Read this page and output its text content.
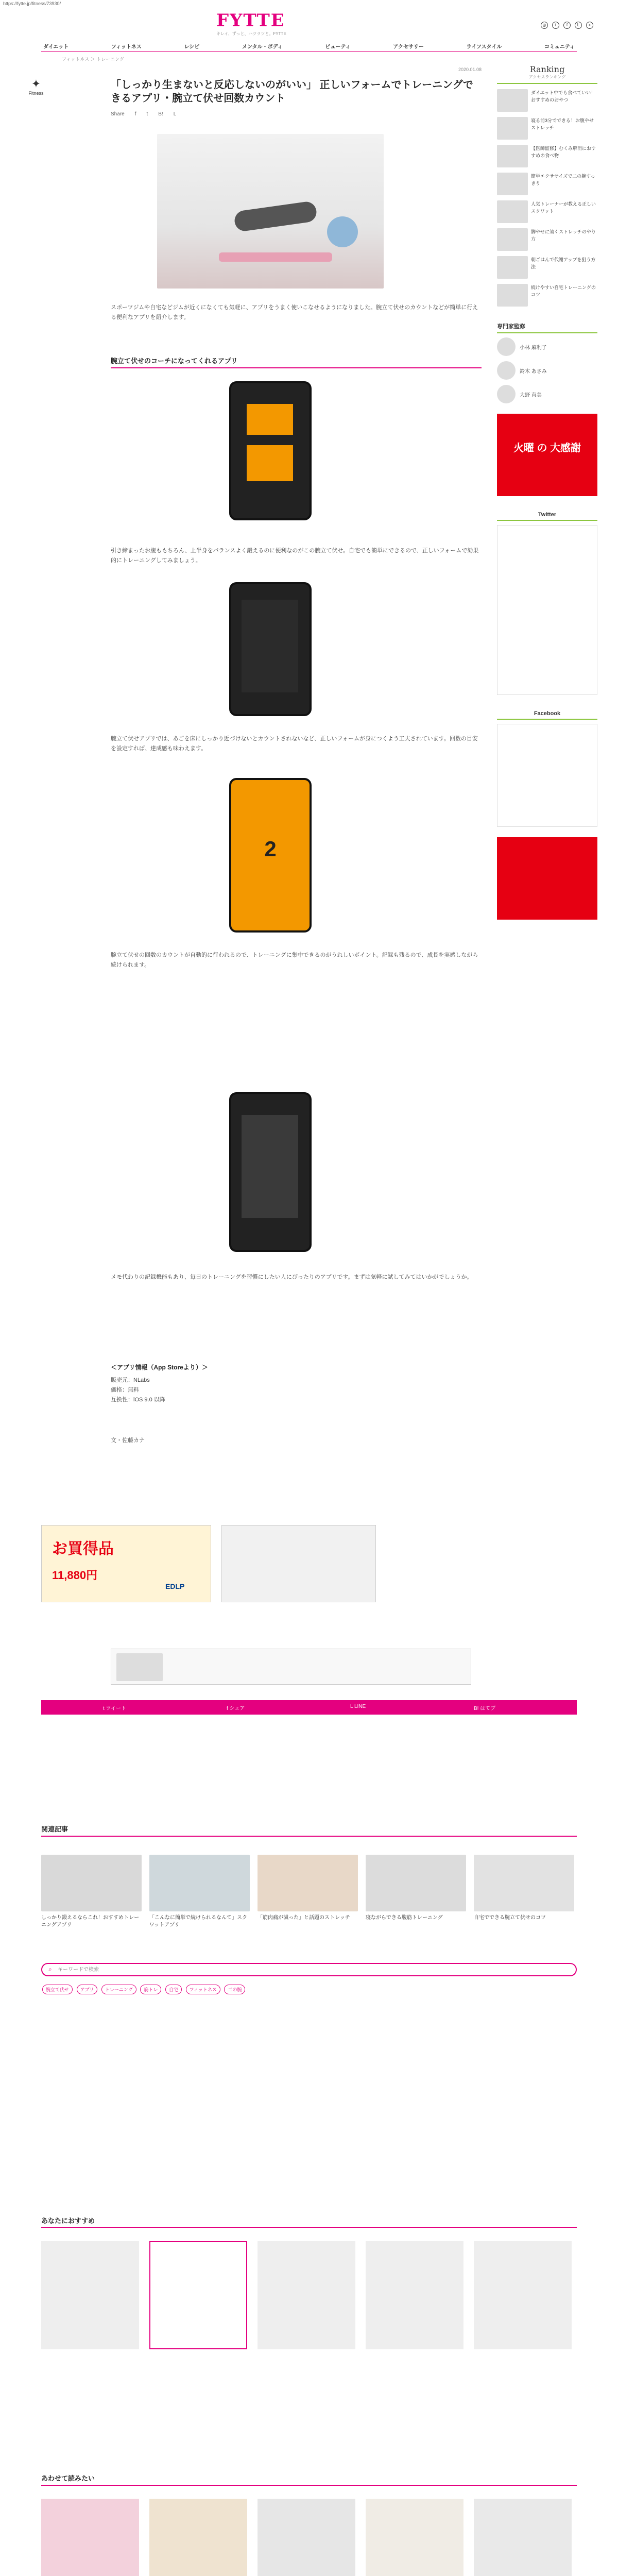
https://fytte.jp/fitness/73930/
FYTTE
キレイ、ずっと、ハツラツと。FYTTE
◎	t	f	L	⌕
ダイエット	フィットネス	レシピ	メンタル・ボディ	ビューティ	アクセサリー	ライフスタイル	コミュニティ
フィットネス ＞ トレーニング
✦
Fitness
2020.01.08
「しっかり生まないと反応しないのがいい」 正しいフォームでトレーニングできるアプリ・腕立て伏せ回数カウント
Share f t B! L
スポーツジムや自宅などジムが近くになくても気軽に、アプリをうまく使いこなせるようになりました。腕立て伏せのカウントなどが簡単に行える便利なアプリを紹介します。
腕立て伏せのコーチになってくれるアプリ
引き締まったお腹ももちろん、上半身をバランスよく鍛えるのに便利なのがこの腕立て伏せ。自宅でも簡単にできるので、正しいフォームで効果的にトレーニングしてみましょう。
腕立て伏せアプリでは、あごを床にしっかり近づけないとカウントされないなど、正しいフォームが身につくよう工夫されています。回数の目安を設定すれば、達成感も味わえます。
2
腕立て伏せの回数のカウントが自動的に行われるので、トレーニングに集中できるのがうれしいポイント。記録も残るので、成長を実感しながら続けられます。
メモ代わりの記録機能もあり、毎日のトレーニングを習慣にしたい人にぴったりのアプリです。まずは気軽に試してみてはいかがでしょうか。
＜アプリ情報（App Storeより）＞
販売元：NLabs
価格：無料
互換性：iOS 9.0 以降
文・佐藤カナ
お買得品
11,880円
EDLP
t ツイート	f シェア	L LINE	B! はてブ
関連記事
しっかり鍛えるならこれ！おすすめトレーニングアプリ
「こんなに簡単で続けられるなんて」スクワットアプリ
「筋肉痛が減った」と話題のストレッチ	寝ながらできる腹筋トレーニング	自宅でできる腕立て伏せのコツ
⌕
キーワードで検索
腕立て伏せ アプリ トレーニング 筋トレ 自宅 フィットネス 二の腕
あなたにおすすめ
あわせて読みたい
Ranking
アクセスランキング
ダイエット中でも食べていい！おすすめのおやつ
寝る前3分でできる！お腹やせストレッチ
【医師監修】むくみ解消におすすめの食べ物
簡単エクササイズで二の腕すっきり
人気トレーナーが教える正しいスクワット
脚やせに効くストレッチのやり方
朝ごはんで代謝アップを狙う方法
続けやすい自宅トレーニングのコツ
専門家監修
小林 麻利子
鈴木 あさみ
大野 直美
火曜 の 大感謝
Twitter
Facebook
